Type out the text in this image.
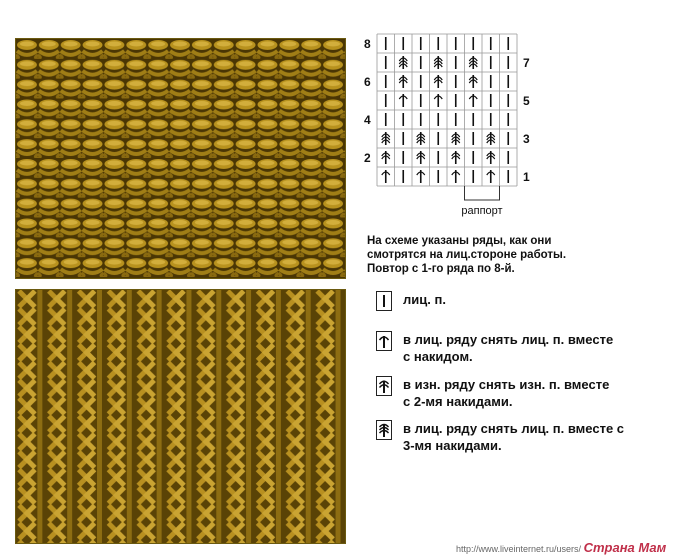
8
6
4
2
7
5
3
1
раппорт
На схеме указаны ряды, как они
смотрятся на лиц.стороне работы.
Повтор с 1-го ряда по 8-й.
лиц. п.
в лиц. ряду снять лиц. п. вместе
с накидом.
в изн. ряду снять изн. п. вместе
с 2-мя накидами.
в лиц. ряду снять лиц. п. вместе с
3-мя накидами.
http://www.liveinternet.ru/users/ Страна Мам
